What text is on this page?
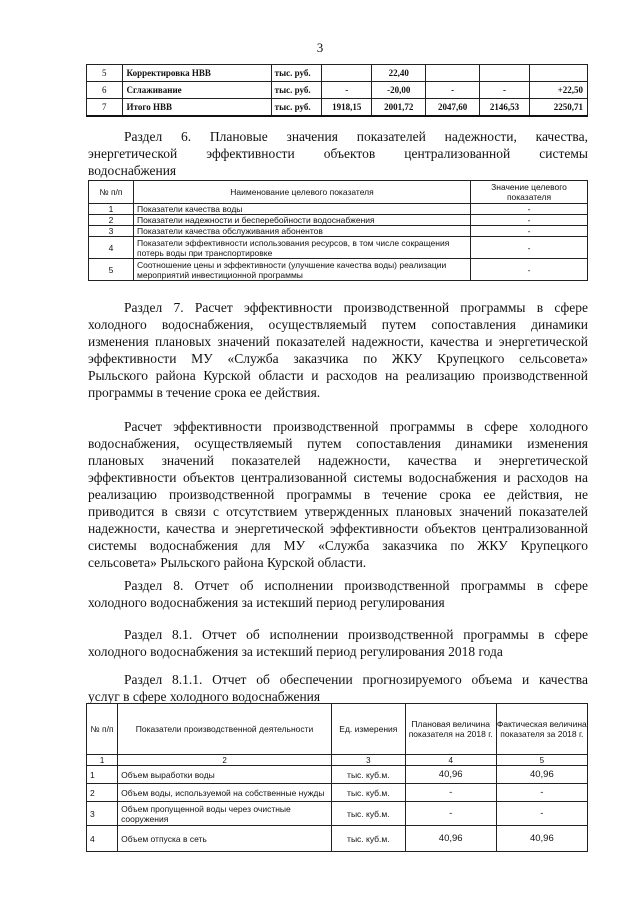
3
5	Корректировка НВВ	тыс. руб.		22,40			
6	Сглаживание	тыс. руб.	-	-20,00	-	-	+22,50
7	Итого НВВ	тыс. руб.	1918,15	2001,72	2047,60	2146,53	2250,71
Раздел 6. Плановые значения показателей надежности, качества,
энергетической эффективности объектов централизованной системы
водоснабжения
№ п/п	Наименование целевого показателя	Значение целевого показателя
1	Показатели качества воды	-
2	Показатели надежности и бесперебойности водоснабжения	-
3	Показатели качества обслуживания абонентов	-
4	Показатели эффективности использования ресурсов, в том числе сокращения потерь воды при транспортировке	-
5	Соотношение цены и эффективности (улучшение качества воды) реализации мероприятий инвестиционной программы	-
Раздел 7. Расчет эффективности производственной программы в сфере
холодного водоснабжения, осуществляемый путем сопоставления динамики
изменения плановых значений показателей надежности, качества и энергетической
эффективности МУ «Служба заказчика по ЖКУ Крупецкого сельсовета»
Рыльского района Курской области и расходов на реализацию производственной
программы в течение срока ее действия.
Расчет эффективности производственной программы в сфере холодного
водоснабжения, осуществляемый путем сопоставления динамики изменения
плановых значений показателей надежности, качества и энергетической
эффективности объектов централизованной системы водоснабжения и расходов на
реализацию производственной программы в течение срока ее действия, не
приводится в связи с отсутствием утвержденных плановых значений показателей
надежности, качества и энергетической эффективности объектов централизованной
системы водоснабжения для МУ «Служба заказчика по ЖКУ Крупецкого
сельсовета» Рыльского района Курской области.
Раздел 8. Отчет об исполнении производственной программы в сфере
холодного водоснабжения за истекший период регулирования
Раздел 8.1. Отчет об исполнении производственной программы в сфере
холодного водоснабжения за истекший период регулирования 2018 года
Раздел 8.1.1. Отчет об обеспечении прогнозируемого объема и качества
услуг в сфере холодного водоснабжения
№ п/п	Показатели производственной деятельности	Ед. измерения	Плановая величина показателя на 2018 г.	Фактическая величина показателя за 2018 г.
1	2	3	4	5
1	Объем выработки воды	тыс. куб.м.	40,96	40,96
2	Объем воды, используемой на собственные нужды	тыс. куб.м.	-	-
3	Объем пропущенной воды через очистные сооружения	тыс. куб.м.	-	-
4	Объем отпуска в сеть	тыс. куб.м.	40,96	40,96
